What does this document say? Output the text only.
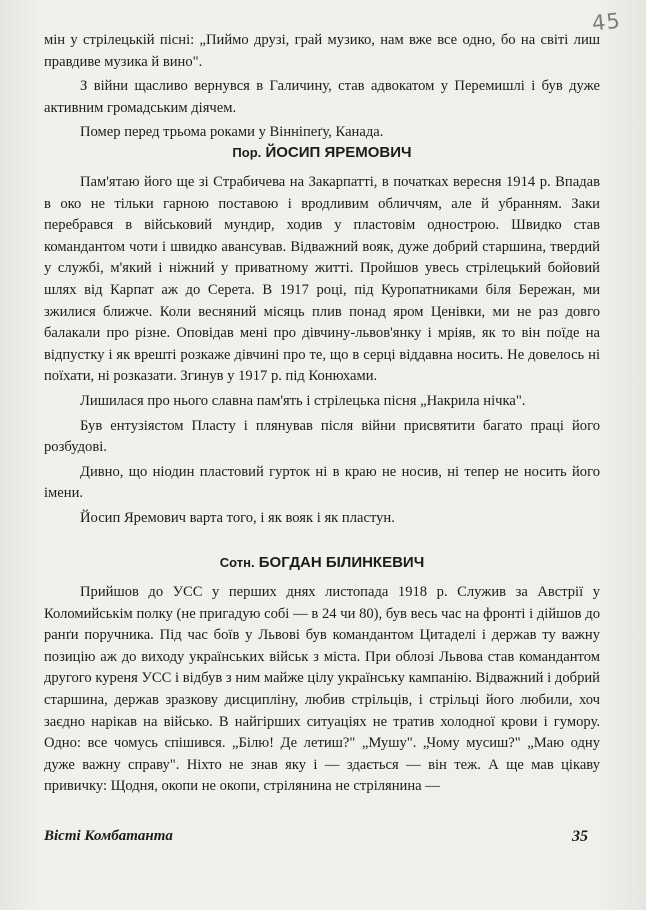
45

мін у стрілецькій пісні: „Пиймо друзі, грай музико, нам вже все одно, бо на світі лиш правдиве музика й вино".

З війни щасливо вернувся в Галичину, став адвокатом у Перемишлі і був дуже активним громадським діячем.

Помер перед трьома роками у Вінніпеґу, Канада.

Пор. ЙОСИП ЯРЕМОВИЧ

Пам'ятаю його ще зі Страбичева на Закарпатті, в початках вересня 1914 р. Впадав в око не тільки гарною поставою і вродливим обличчям, але й убранням. Заки перебрався в військовий мундир, ходив у пластовім однострою. Швидко став командантом чоти і швидко авансував. Відважний вояк, дуже добрий старшина, твердий у службі, м'який і ніжний у приватному житті. Пройшов увесь стрілецький бойовий шлях від Карпат аж до Серета. В 1917 році, під Куропатниками біля Бережан, ми зжилися ближче. Коли весняний місяць плив понад яром Ценівки, ми не раз довго балакали про різне. Оповідав мені про дівчину-львов'янку і мріяв, як то він поїде на відпустку і як врешті розкаже дівчині про те, що в серці віддавна носить. Не довелось ні поїхати, ні розказати. Згинув у 1917 р. під Конюхами.

Лишилася про нього славна пам'ять і стрілецька пісня „Накрила нічка".

Був ентузіястом Пласту і плянував після війни присвятити багато праці його розбудові.

Дивно, що ніодин пластовий гурток ні в краю не носив, ні тепер не носить його імени.

Йосип Яремович варта того, і як вояк і як пластун.

Сотн. БОГДАН БІЛИНКЕВИЧ

Прийшов до УСС у перших днях листопада 1918 р. Служив за Австрії у Коломийськім полку (не пригадую собі — в 24 чи 80), був весь час на фронті і дійшов до ранґи поручника. Під час боїв у Львові був командантом Цитаделі і держав ту важну позицію аж до виходу українських військ з міста. При облозі Львова став командантом другого куреня УСС і відбув з ним майже цілу українську кампанію. Відважний і добрий старшина, держав зразкову дисципліну, любив стрільців, і стрільці його любили, хоч заєдно нарікав на військо. В найгірших ситуаціях не тратив холодної крови і гумору. Одно: все чомусь спішився. „Білю! Де летиш?" „Мушу". „Чому мусиш?" „Маю одну дуже важну справу". Ніхто не знав яку і — здається — він теж. А ще мав цікаву привичку: Щодня, окопи не окопи, стрілянина не стрілянина —

Вісті Комбатанта	35
